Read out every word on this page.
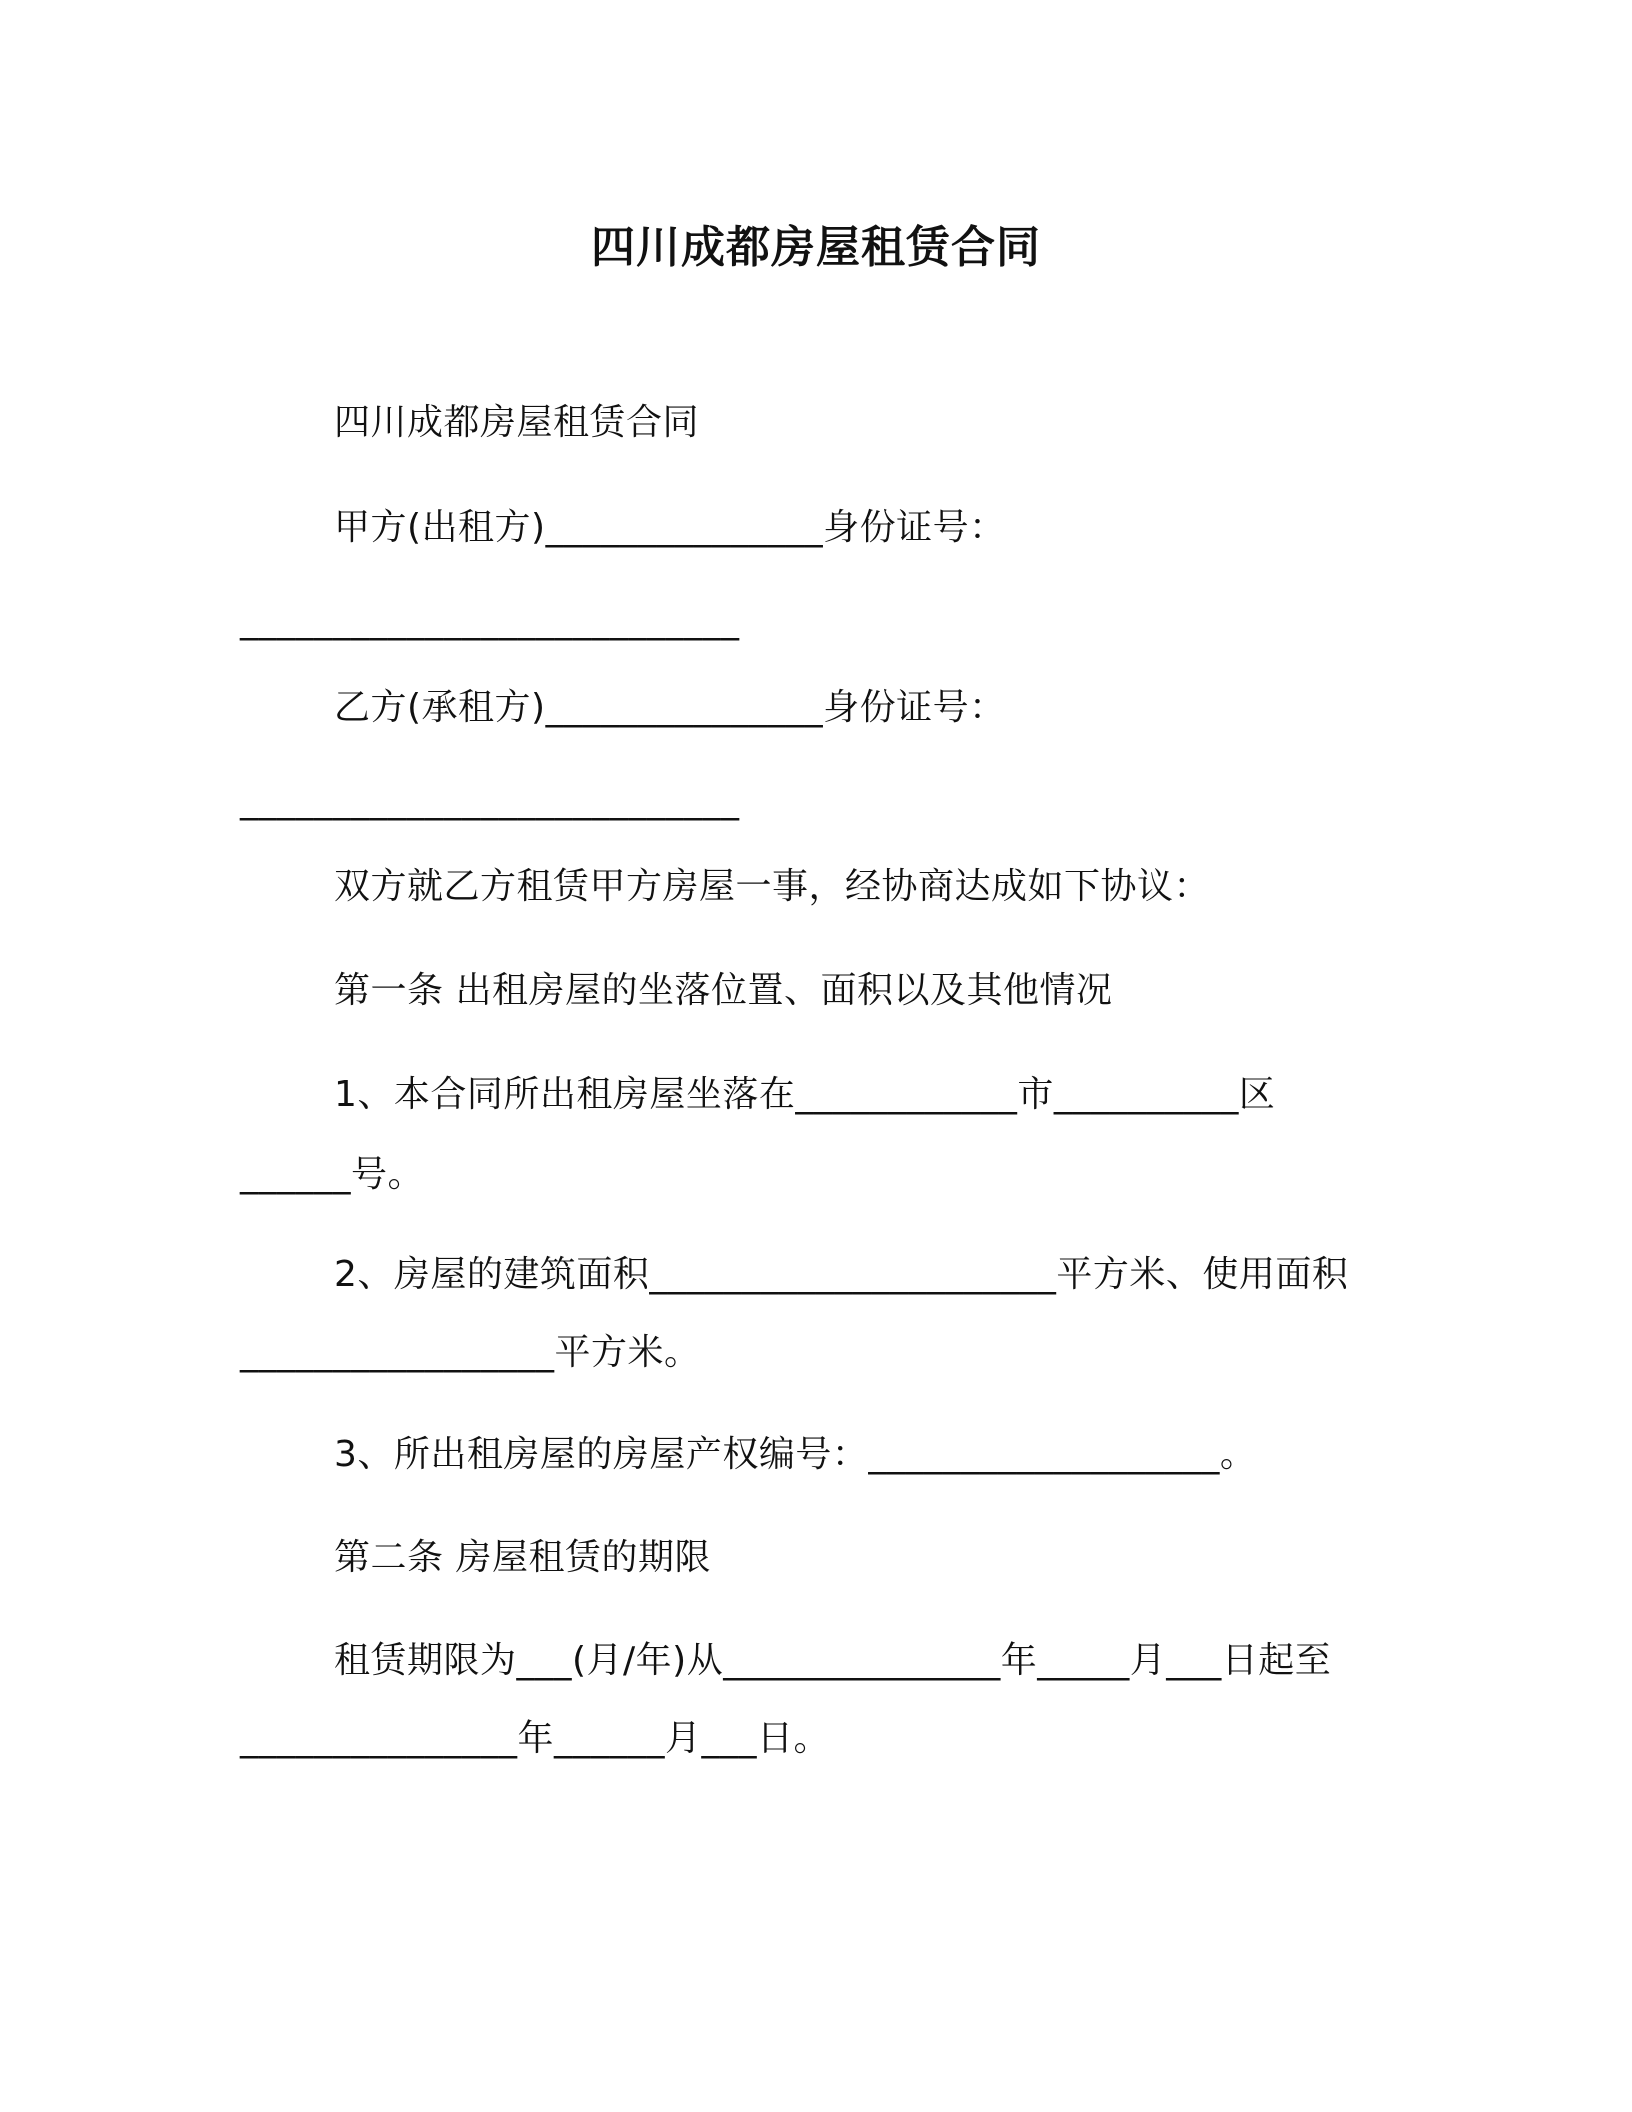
四川成都房屋租赁合同
四川成都房屋租赁合同
甲方(出租方)_______________身份证号：
___________________________
乙方(承租方)_______________身份证号：
___________________________
双方就乙方租赁甲方房屋一事，经协商达成如下协议：
第一条 出租房屋的坐落位置、面积以及其他情况
1、本合同所出租房屋坐落在____________市__________区
______号。
2、房屋的建筑面积______________________平方米、使用面积
_________________平方米。
3、所出租房屋的房屋产权编号：___________________。
第二条 房屋租赁的期限
租赁期限为___(月/年)从_______________年_____月___日起至
_______________年______月___日。
